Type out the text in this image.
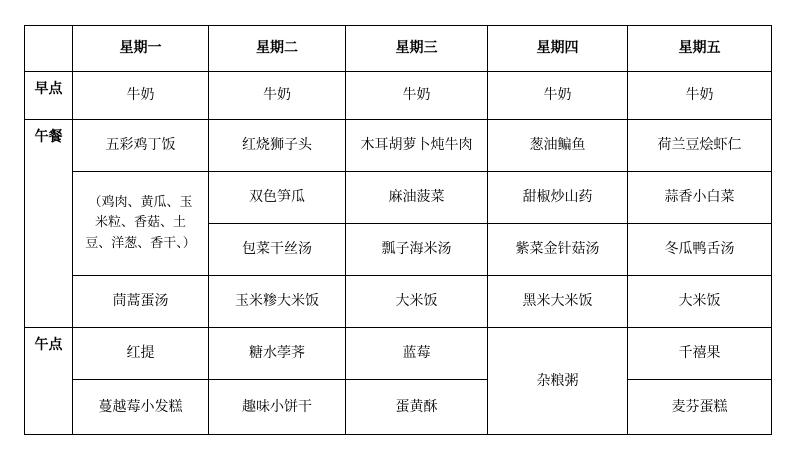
	星期一	星期二	星期三	星期四	星期五
早点	牛奶	牛奶	牛奶	牛奶	牛奶
午餐	五彩鸡丁饭	红烧狮子头	木耳胡萝卜炖牛肉	葱油鳊鱼	荷兰豆烩虾仁
	（鸡肉、黄瓜、玉米粒、香菇、土豆、洋葱、香干、）	双色笋瓜	麻油菠菜	甜椒炒山药	蒜香小白菜
		包菜干丝汤	瓢子海米汤	紫菜金针菇汤	冬瓜鸭舌汤
	茼蒿蛋汤	玉米糁大米饭	大米饭	黑米大米饭	大米饭
午点	红提	糖水荸荠	蓝莓	杂粮粥	千禧果
	蔓越莓小发糕	趣味小饼干	蛋黄酥		麦芬蛋糕
